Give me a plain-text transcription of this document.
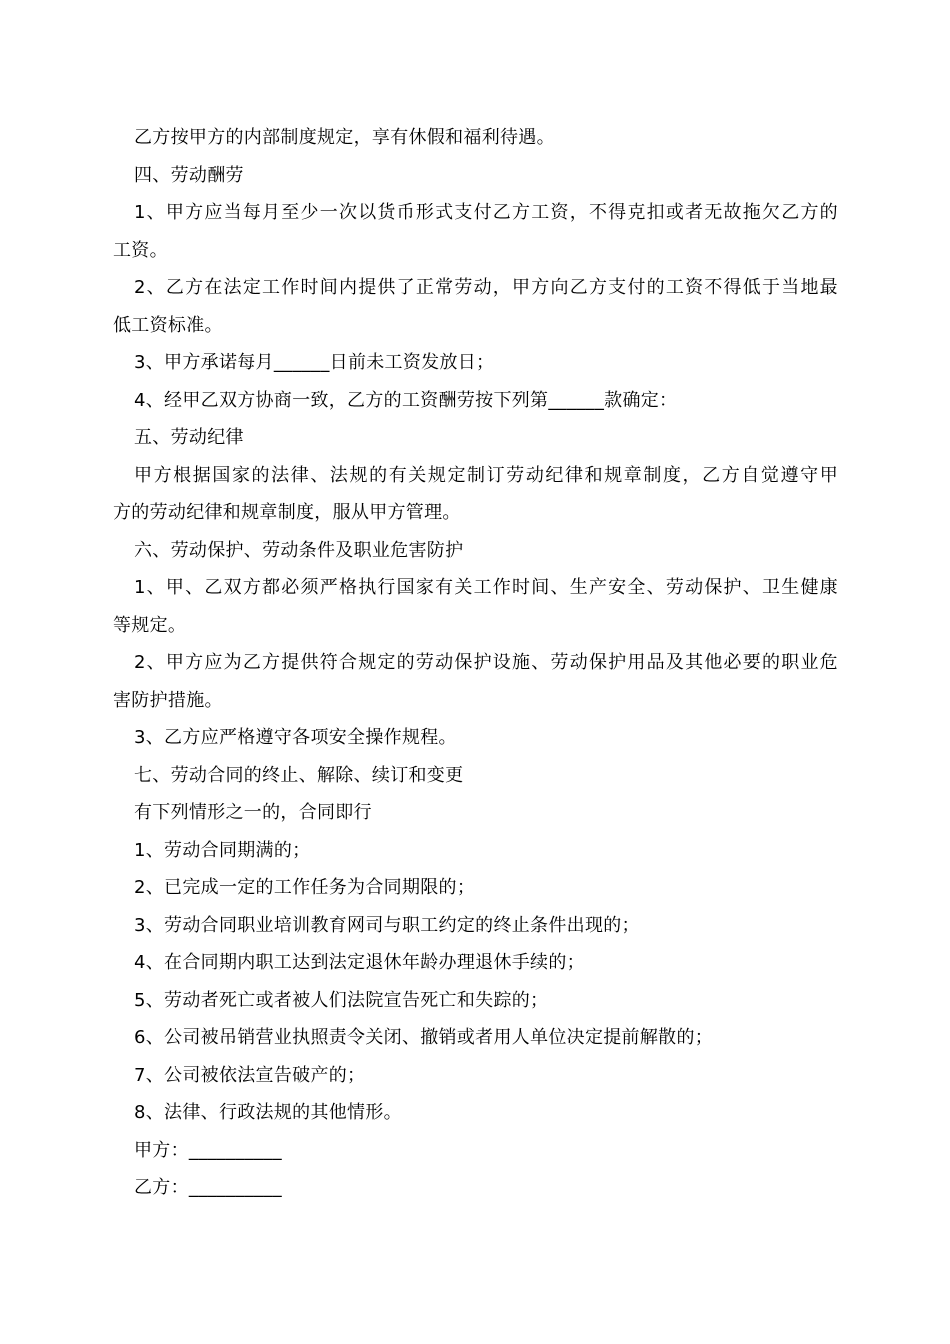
乙方按甲方的内部制度规定，享有休假和福利待遇。
四、劳动酬劳
1、甲方应当每月至少一次以货币形式支付乙方工资，不得克扣或者无故拖欠乙方的
工资。
2、乙方在法定工作时间内提供了正常劳动，甲方向乙方支付的工资不得低于当地最
低工资标准。
3、甲方承诺每月______日前未工资发放日；
4、经甲乙双方协商一致，乙方的工资酬劳按下列第______款确定：
五、劳动纪律
甲方根据国家的法律、法规的有关规定制订劳动纪律和规章制度，乙方自觉遵守甲
方的劳动纪律和规章制度，服从甲方管理。
六、劳动保护、劳动条件及职业危害防护
1、甲、乙双方都必须严格执行国家有关工作时间、生产安全、劳动保护、卫生健康
等规定。
2、甲方应为乙方提供符合规定的劳动保护设施、劳动保护用品及其他必要的职业危
害防护措施。
3、乙方应严格遵守各项安全操作规程。
七、劳动合同的终止、解除、续订和变更
有下列情形之一的，合同即行
1、劳动合同期满的；
2、已完成一定的工作任务为合同期限的；
3、劳动合同职业培训教育网司与职工约定的终止条件出现的；
4、在合同期内职工达到法定退休年龄办理退休手续的；
5、劳动者死亡或者被人们法院宣告死亡和失踪的；
6、公司被吊销营业执照责令关闭、撤销或者用人单位决定提前解散的；
7、公司被依法宣告破产的；
8、法律、行政法规的其他情形。
甲方：__________
乙方：__________
